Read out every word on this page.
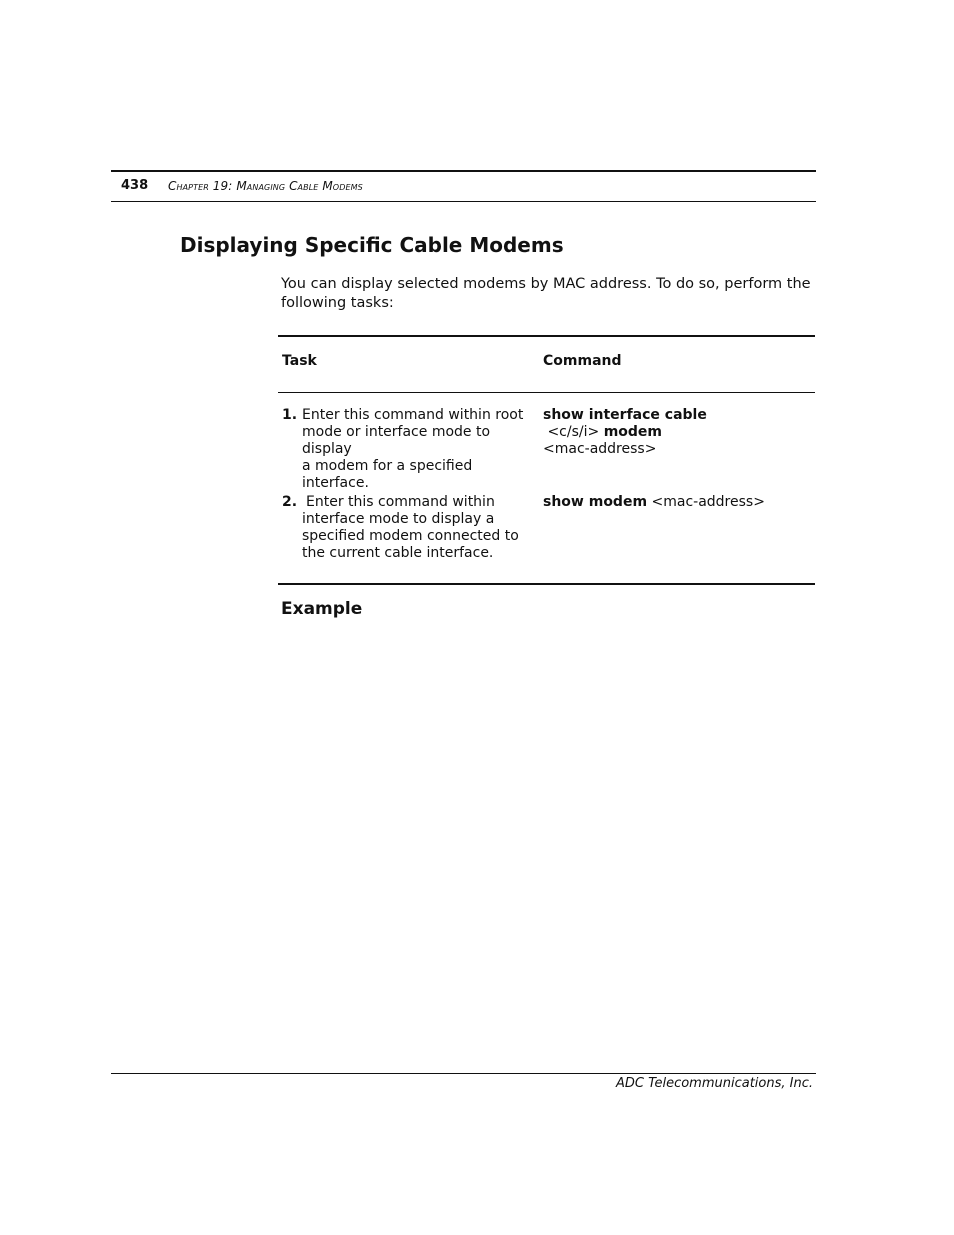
438 Chapter 19: Managing Cable Modems
Displaying Specific Cable Modems

You can display selected modems by MAC address. To do so, perform the following tasks:

Task	Command
1. Enter this command within root
mode or interface mode to display
a modem for a specified interface.
show interface cable <c/s/i> modem
<mac-address>
2. Enter this command within
interface mode to display a
specified modem connected to
the current cable interface.
show modem <mac-address>
Example
ADC Telecommunications, Inc.
